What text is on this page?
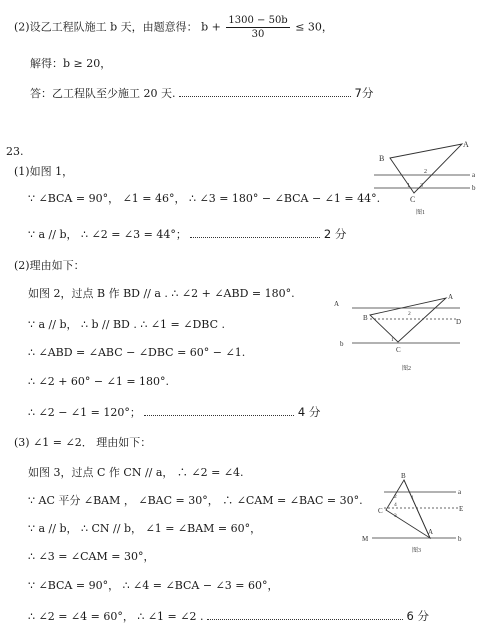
(2)设乙工程队施工 b 天，由题意得： $b + \frac{1300 - 50b}{30} \le 30$，
解得：b ≥ 20，
答：乙工程队至少施工 20 天.	7分
23.
(1)如图 1，
∵ ∠BCA = 90°， ∠1 = 46°， ∴ ∠3 = 180° − ∠BCA − ∠1 = 44°.
∵ a // b， ∴ ∠2 = ∠3 = 44°；	2 分
(2)理由如下：
如图 2，过点 B 作 BD // a . ∴ ∠2 + ∠ABD = 180°.
∵ a // b， ∴ b // BD . ∴ ∠1 = ∠DBC .
∴ ∠ABD = ∠ABC − ∠DBC = 60° − ∠1.
∴ ∠2 + 60° − ∠1 = 180°.
∴ ∠2 − ∠1 = 120°；	4 分
(3) ∠1 = ∠2． 理由如下：
如图 3，过点 C 作 CN // a， ∴ ∠2 = ∠4.
∵ AC 平分 ∠BAM ， ∠BAC = 30°， ∴ ∠CAM = ∠BAC = 30°.
∵ a // b， ∴ CN // b， ∠1 = ∠BAM = 60°，
∴ ∠3 = ∠CAM = 30°，
∵ ∠BCA = 90°， ∴ ∠4 = ∠BCA − ∠3 = 60°，
∴ ∠2 = ∠4 = 60°， ∴ ∠1 = ∠2 .	6 分
B
A
C
a
b
1
2
3
图1
A
b
A
B
C
D
1
2
图2
B
a
C	E
M
A
b
1
2
3
4
图3
